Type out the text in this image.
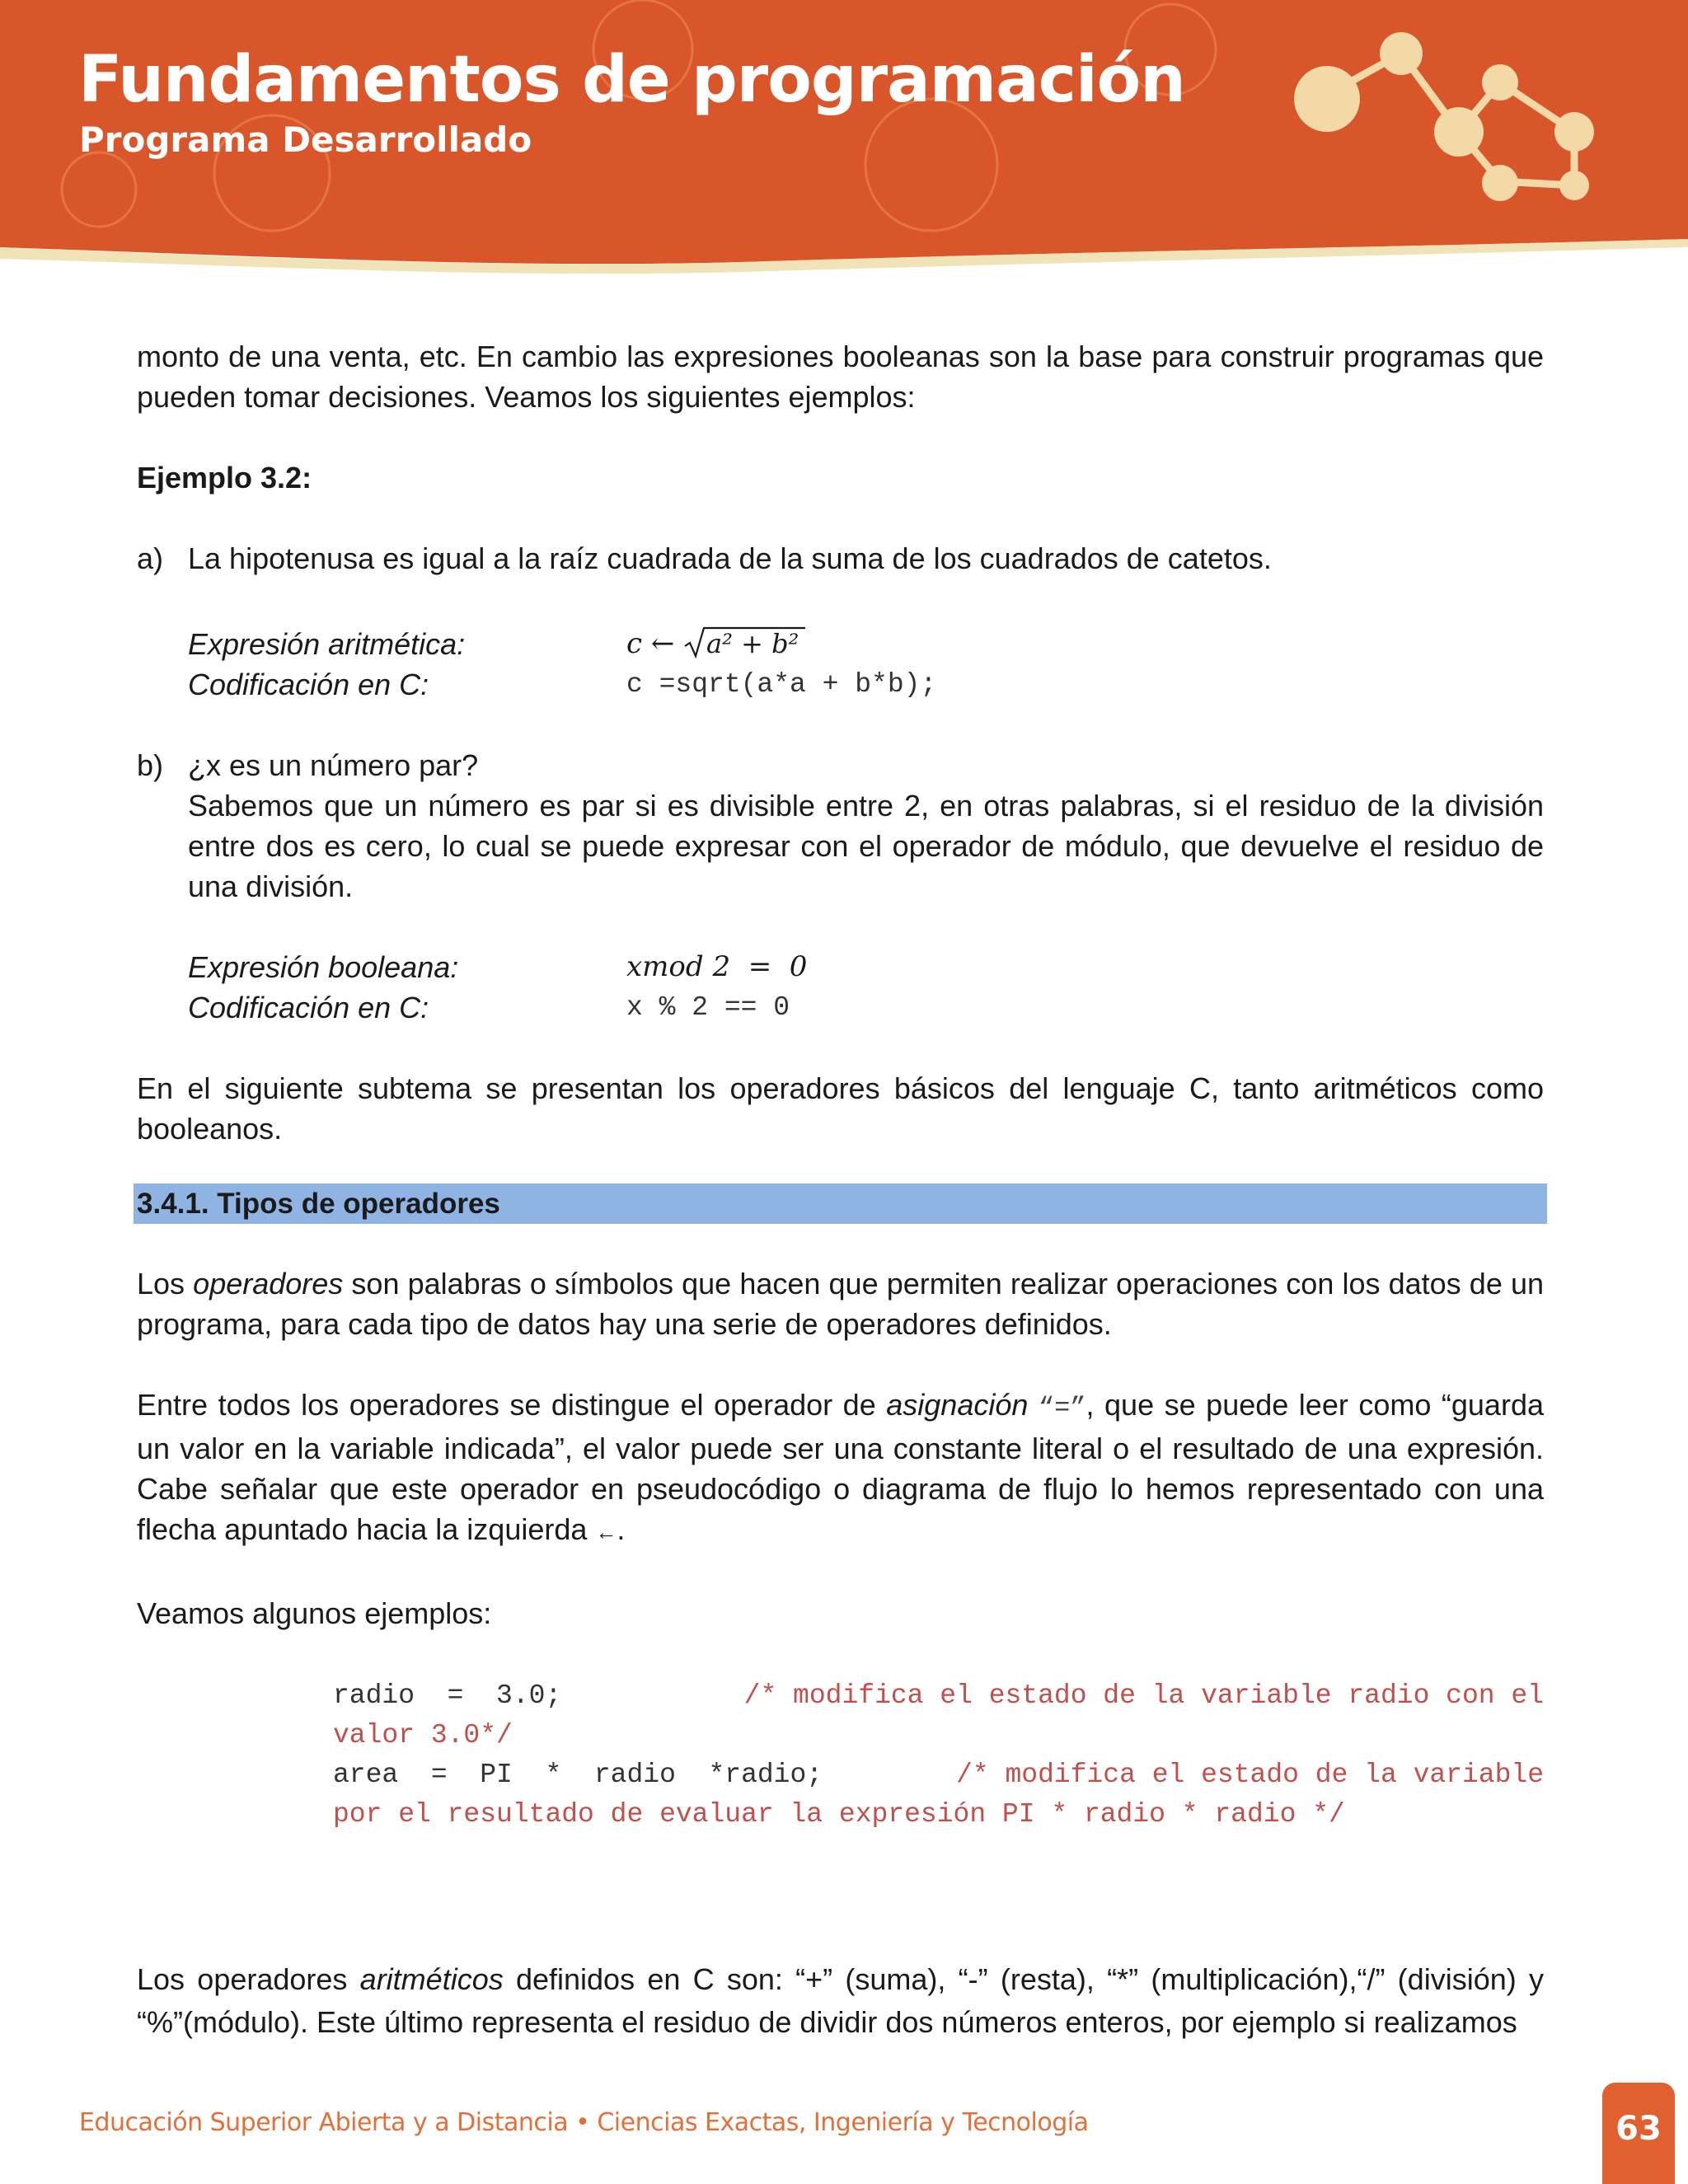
Fundamentos de programación
Programa Desarrollado

monto de una venta, etc. En cambio las expresiones booleanas son la base para construir programas que pueden tomar decisiones. Veamos los siguientes ejemplos:

Ejemplo 3.2:
a) La hipotenusa es igual a la raíz cuadrada de la suma de los cuadrados de catetos.
Expresión aritmética:	c ← a² + b²
Codificación en C:	c =sqrt(a*a + b*b);
b) ¿x es un número par?

Sabemos que un número es par si es divisible entre 2, en otras palabras, si el residuo de la división entre dos es cero, lo cual se puede expresar con el operador de módulo, que devuelve el residuo de una división.

Expresión booleana:	xmod 2  =  0
Codificación en C:	x % 2 == 0

En el siguiente subtema se presentan los operadores básicos del lenguaje C, tanto aritméticos como booleanos.

3.4.1. Tipos de operadores

Los operadores son palabras o símbolos que hacen que permiten realizar operaciones con los datos de un programa, para cada tipo de datos hay una serie de operadores definidos.

Entre todos los operadores se distingue el operador de asignación “=”, que se puede leer como “guarda un valor en la variable indicada”, el valor puede ser una constante literal o el resultado de una expresión. Cabe señalar que este operador en pseudocódigo o diagrama de flujo lo hemos representado con una flecha apuntado hacia la izquierda ←.

Veamos algunos ejemplos:

radio  =  3.0;	/* modifica el estado de la variable radio con el
valor 3.0*/
area  =  PI  *  radio  *radio;	/* modifica el estado de la variable
por el resultado de evaluar la expresión PI * radio * radio */

Los operadores aritméticos definidos en C son: “+” (suma), “-” (resta), “*” (multiplicación),“/” (división) y “%”(módulo). Este último representa el residuo de dividir dos números enteros, por ejemplo si realizamos

Educación Superior Abierta y a Distancia • Ciencias Exactas, Ingeniería y Tecnología	63
